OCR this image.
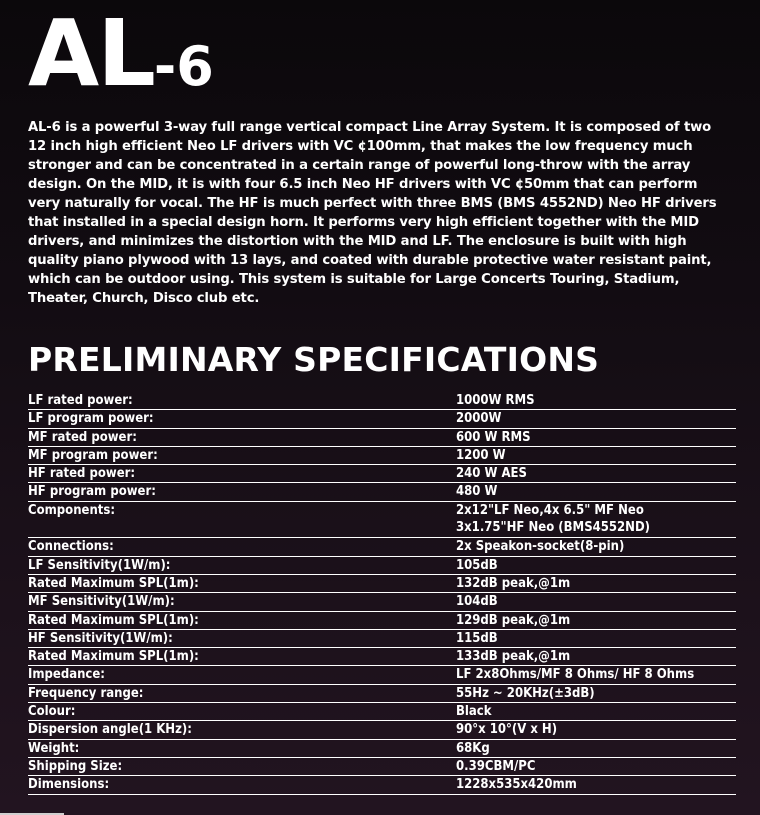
AL-6

AL-6 is a powerful 3-way full range vertical compact Line Array System. It is composed of two 12 inch high efficient Neo LF drivers with VC ¢100mm, that makes the low frequency much stronger and can be concentrated in a certain range of powerful long-throw with the array design. On the MID, it is with four 6.5 inch Neo HF drivers with VC ¢50mm that can perform very naturally for vocal. The HF is much perfect with three BMS (BMS 4552ND) Neo HF drivers that installed in a special design horn. It performs very high efficient together with the MID drivers, and minimizes the distortion with the MID and LF. The enclosure is built with high quality piano plywood with 13 lays, and coated with durable protective water resistant paint, which can be outdoor using. This system is suitable for Large Concerts Touring, Stadium, Theater, Church, Disco club etc.

PRELIMINARY SPECIFICATIONS
LF rated power:	1000W RMS
LF program power:	2000W
MF rated power:	600 W RMS
MF program power:	1200 W
HF rated power:	240 W AES
HF program power:	480 W
Components:	2x12"LF Neo,4x 6.5" MF Neo
3x1.75"HF Neo (BMS4552ND)
Connections:	2x Speakon-socket(8-pin)
LF Sensitivity(1W/m):	105dB
Rated Maximum SPL(1m):	132dB peak,@1m
MF Sensitivity(1W/m):	104dB
Rated Maximum SPL(1m):	129dB peak,@1m
HF Sensitivity(1W/m):	115dB
Rated Maximum SPL(1m):	133dB peak,@1m
Impedance:	LF 2x8Ohms/MF 8 Ohms/ HF 8 Ohms
Frequency range:	55Hz ~ 20KHz(±3dB)
Colour:	Black
Dispersion angle(1 KHz):	90°x 10°(V x H)
Weight:	68Kg
Shipping Size:	0.39CBM/PC
Dimensions:	1228x535x420mm
